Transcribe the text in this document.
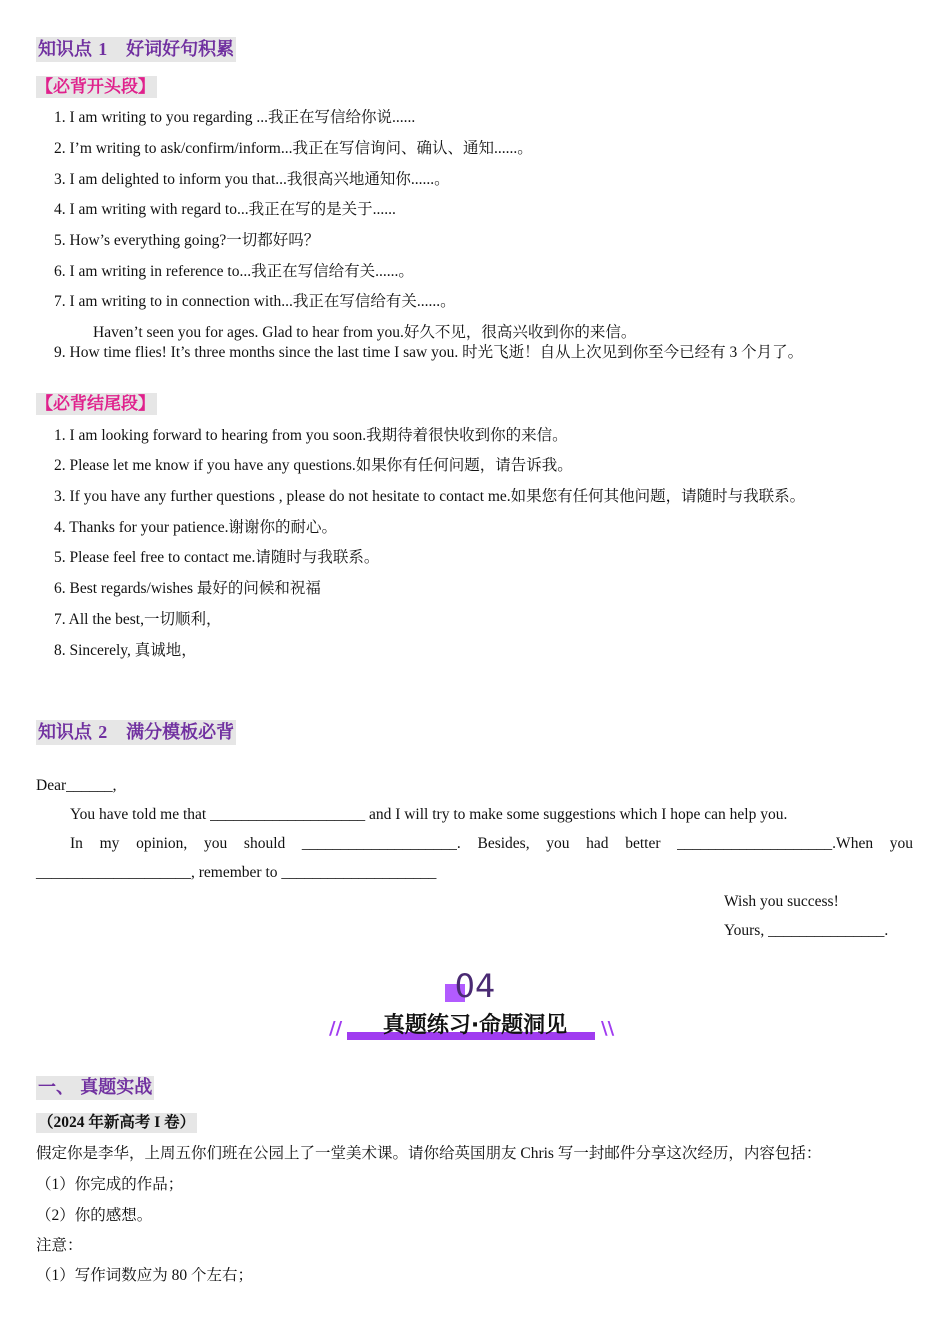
知识点 1 好词好句积累
【必背开头段】
1. I am writing to you regarding ...我正在写信给你说......
2. I’m writing to ask/confirm/inform...我正在写信询问、确认、通知......。
3. I am delighted to inform you that...我很高兴地通知你......。
4. I am writing with regard to...我正在写的是关于......
5. How’s everything going?一切都好吗？
6. I am writing in reference to...我正在写信给有关......。
7. I am writing to in connection with...我正在写信给有关......。
Haven’t seen you for ages. Glad to hear from you.好久不见，很高兴收到你的来信。
9. How time flies! It’s three months since the last time I saw you. 时光飞逝！自从上次见到你至今已经有 3 个月了。
【必背结尾段】
1. I am looking forward to hearing from you soon.我期待着很快收到你的来信。
2. Please let me know if you have any questions.如果你有任何问题，请告诉我。
3. If you have any further questions , please do not hesitate to contact me.如果您有任何其他问题，请随时与我联系。
4. Thanks for your patience.谢谢你的耐心。
5. Please feel free to contact me.请随时与我联系。
6. Best regards/wishes 最好的问候和祝福
7. All the best,一切顺利，
8. Sincerely, 真诚地，
知识点 2 满分模板必背
Dear______,
You have told me that ____________________ and I will try to make some suggestions which I hope can help you.
In my opinion, you should ____________________. Besides, you had better ____________________.When you
____________________, remember to ____________________
Wish you success!
Yours, _______________.
04
//	\\
真题练习·命题洞见
一、 真题实战
（2024 年新高考 I 卷）
假定你是李华，上周五你们班在公园上了一堂美术课。请你给英国朋友 Chris 写一封邮件分享这次经历，内容包括：
（1）你完成的作品；
（2）你的感想。
注意：
（1）写作词数应为 80 个左右；
